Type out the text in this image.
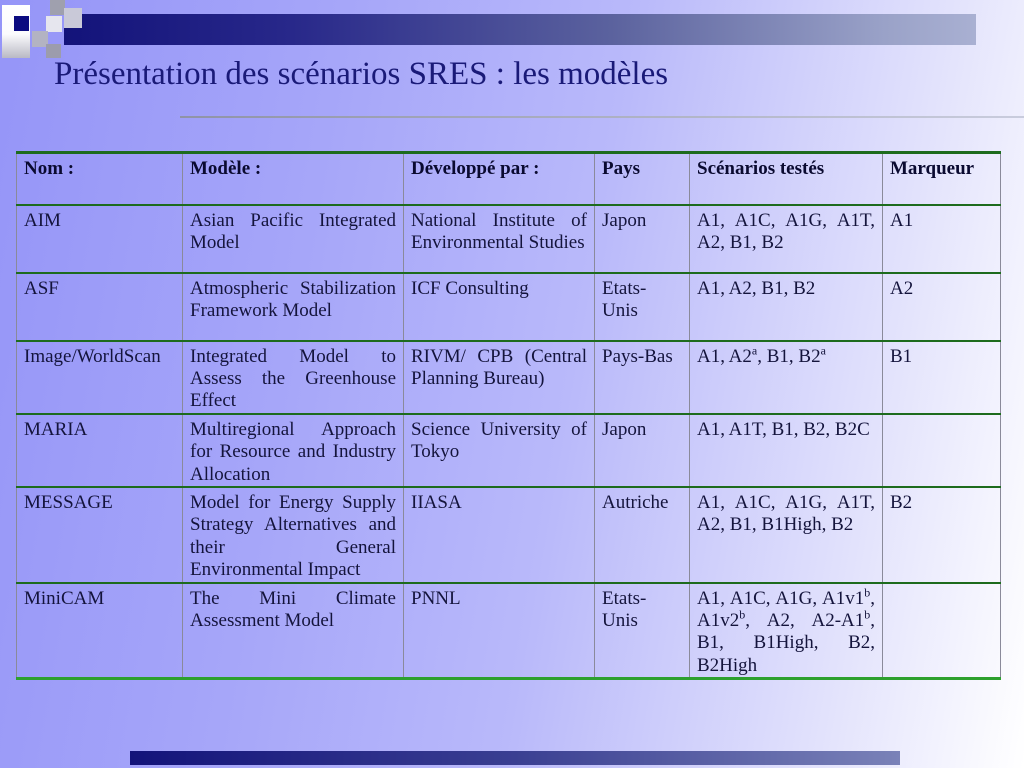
Présentation des scénarios SRES : les modèles
Nom :	Modèle :	Développé par :	Pays	Scénarios testés	Marqueur
AIM	Asian Pacific Integrated Model	National Institute of Environmental Studies	Japon	A1, A1C, A1G, A1T, A2, B1, B2	A1
ASF	Atmospheric Stabilization Framework Model	ICF Consulting	Etats-Unis	A1, A2, B1, B2	A2
Image/WorldScan	Integrated Model to Assess the Greenhouse Effect	RIVM/ CPB (Central Planning Bureau)	Pays-Bas	A1, A2$^a$, B1, B2$^a$	B1
MARIA	Multiregional Approach for Resource and Industry Allocation	Science University of Tokyo	Japon	A1, A1T, B1, B2, B2C	
MESSAGE	Model for Energy Supply Strategy Alternatives and their General Environmental Impact	IIASA	Autriche	A1, A1C, A1G, A1T, A2, B1, B1High, B2	B2
MiniCAM	The Mini Climate Assessment Model	PNNL	Etats-Unis	A1, A1C, A1G, A1v1$^b$, A1v2$^b$, A2, A2-A1$^b$, B1, B1High, B2, B2High	
